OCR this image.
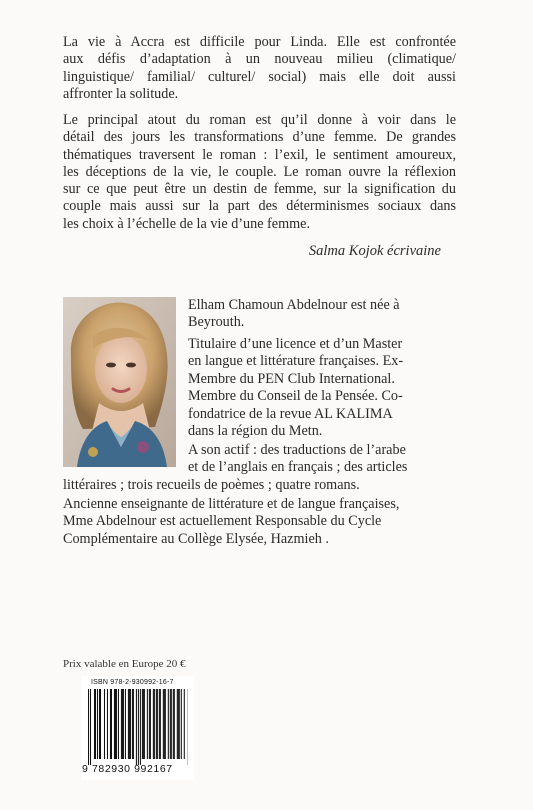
La vie à Accra est difficile pour Linda. Elle est confrontée
aux défis d’adaptation à un nouveau milieu (climatique/
linguistique/ familial/ culturel/ social) mais elle doit aussi
affronter la solitude.

Le principal atout du roman est qu’il donne à voir dans le
détail des jours les transformations d’une femme. De grandes
thématiques traversent le roman : l’exil, le sentiment amoureux,
les déceptions de la vie, le couple. Le roman ouvre la réflexion
sur ce que peut être un destin de femme, sur la signification du
couple mais aussi sur la part des déterminismes sociaux dans
les choix à l’échelle de la vie d’une femme.

Salma Kojok écrivaine

Elham Chamoun Abdelnour est née à
Beyrouth.

Titulaire d’une licence et d’un Master
en langue et littérature françaises. Ex-
Membre du PEN Club International.
Membre du Conseil de la Pensée. Co-
fondatrice de la revue AL KALIMA
dans la région du Metn.

A son actif : des traductions de l’arabe
et de l’anglais en français ; des articles
littéraires ; trois recueils de poèmes ; quatre romans.

Ancienne enseignante de littérature et de langue françaises,
Mme Abdelnour est actuellement Responsable du Cycle
Complémentaire au Collège Elysée, Hazmieh .

Prix valable en Europe 20 €
ISBN 978-2-930992-16-7
9 782930 992167
